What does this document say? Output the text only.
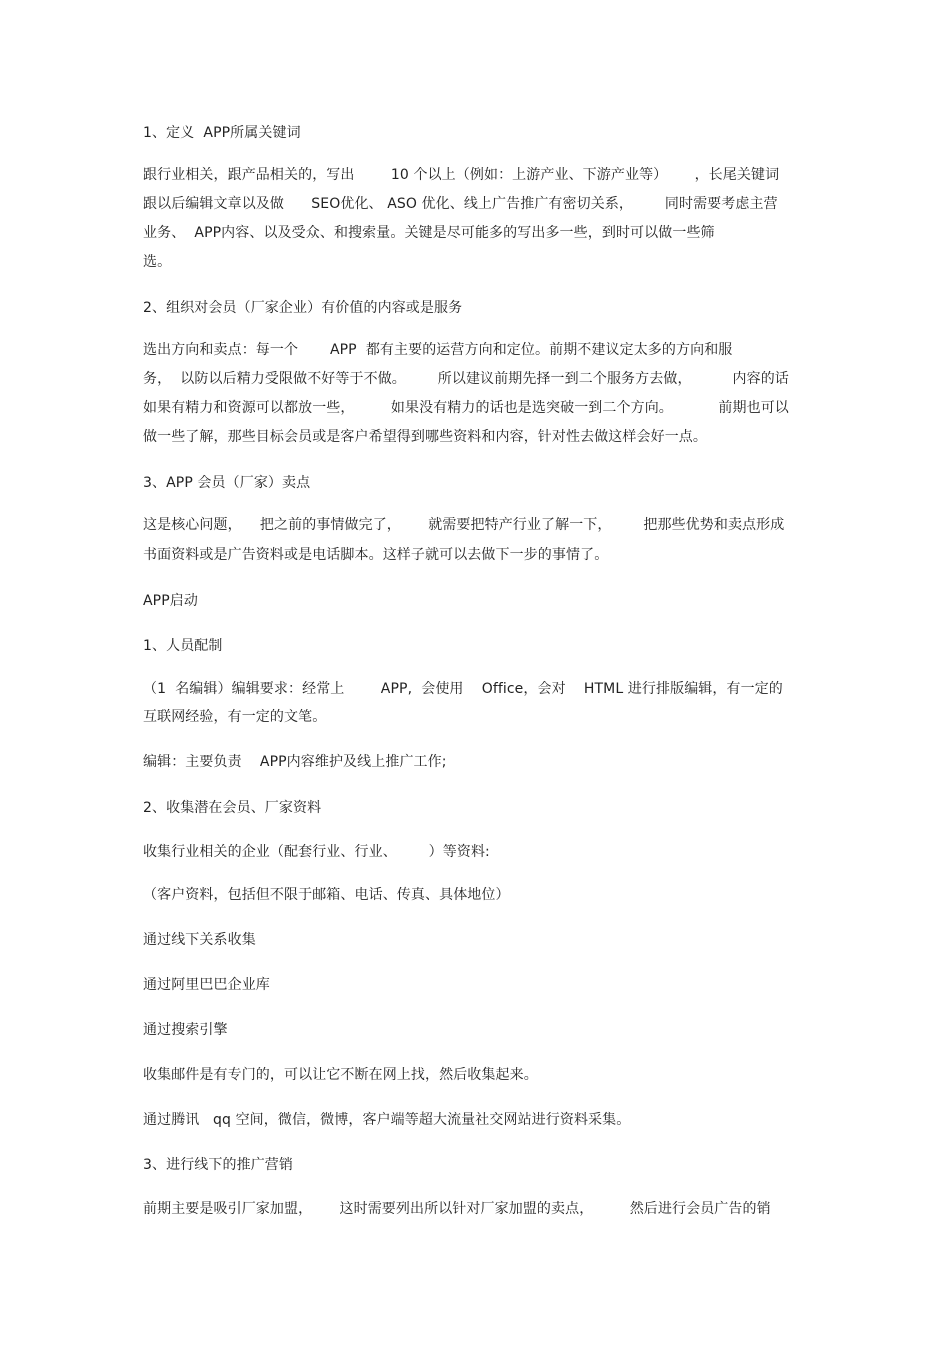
1、定义  APP所属关键词
跟行业相关，跟产品相关的，写出        10 个以上（例如：上游产业、下游产业等）      ，长尾关键词
跟以后编辑文章以及做      SEO优化、 ASO 优化、线上广告推广有密切关系，       同时需要考虑主营
业务、  APP内容、以及受众、和搜索量。关键是尽可能多的写出多一些，到时可以做一些筛
选。
2、组织对会员（厂家企业）有价值的内容或是服务
选出方向和卖点：每一个       APP  都有主要的运营方向和定位。前期不建议定太多的方向和服
务，  以防以后精力受限做不好等于不做。       所以建议前期先择一到二个服务方去做，         内容的话
如果有精力和资源可以都放一些，        如果没有精力的话也是选突破一到二个方向。          前期也可以
做一些了解，那些目标会员或是客户希望得到哪些资料和内容，针对性去做这样会好一点。
3、APP 会员（厂家）卖点
这是核心问题，    把之前的事情做完了，      就需要把特产行业了解一下，       把那些优势和卖点形成
书面资料或是广告资料或是电话脚本。这样子就可以去做下一步的事情了。
APP启动
1、人员配制
（1  名编辑）编辑要求：经常上        APP,  会使用    Office，会对    HTML 进行排版编辑，有一定的
互联网经验，有一定的文笔。
编辑：主要负责    APP内容维护及线上推广工作;
2、收集潜在会员、厂家资料
收集行业相关的企业（配套行业、行业、       ）等资料:
（客户资料，包括但不限于邮箱、电话、传真、具体地位）
通过线下关系收集
通过阿里巴巴企业库
通过搜索引擎
收集邮件是有专门的，可以让它不断在网上找，然后收集起来。
通过腾讯   qq 空间，微信，微博，客户端等超大流量社交网站进行资料采集。
3、进行线下的推广营销
前期主要是吸引厂家加盟，      这时需要列出所以针对厂家加盟的卖点，        然后进行会员广告的销
